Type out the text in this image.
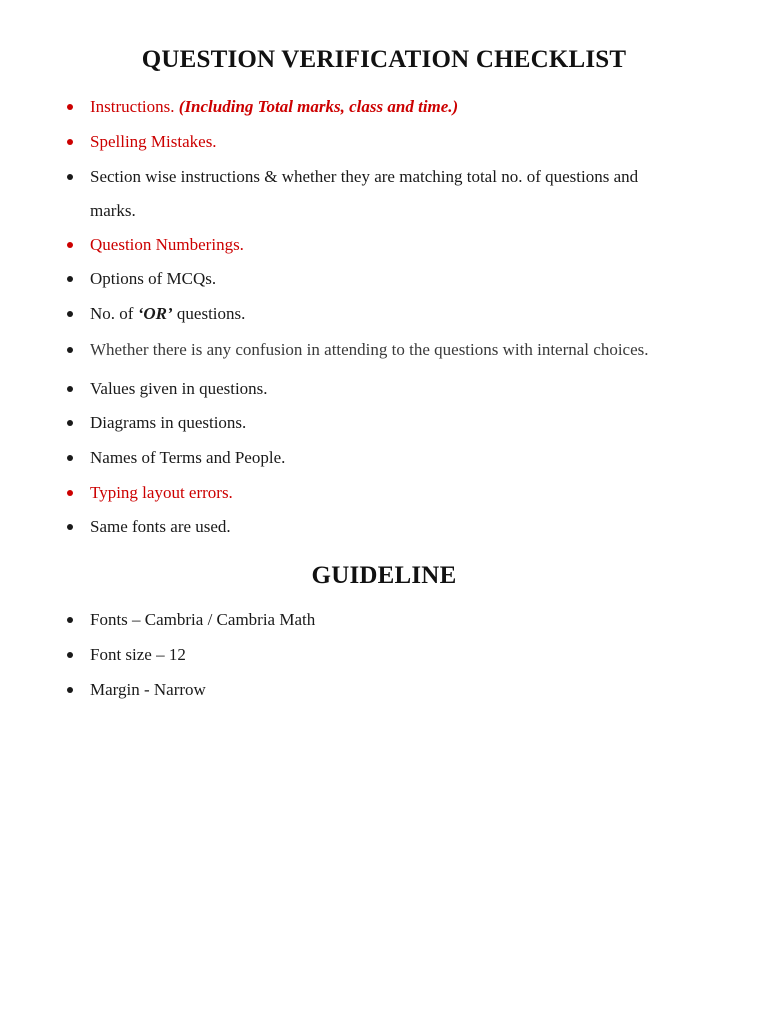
QUESTION VERIFICATION CHECKLIST
Instructions. (Including Total marks, class and time.)
Spelling Mistakes.
Section wise instructions & whether they are matching total no. of questions and
marks.
Question Numberings.
Options of MCQs.
No. of ‘OR’ questions.
Whether there is any confusion in attending to the questions with internal choices.
Values given in questions.
Diagrams in questions.
Names of Terms and People.
Typing layout errors.
Same fonts are used.
GUIDELINE
Fonts – Cambria / Cambria Math
Font size – 12
Margin - Narrow
